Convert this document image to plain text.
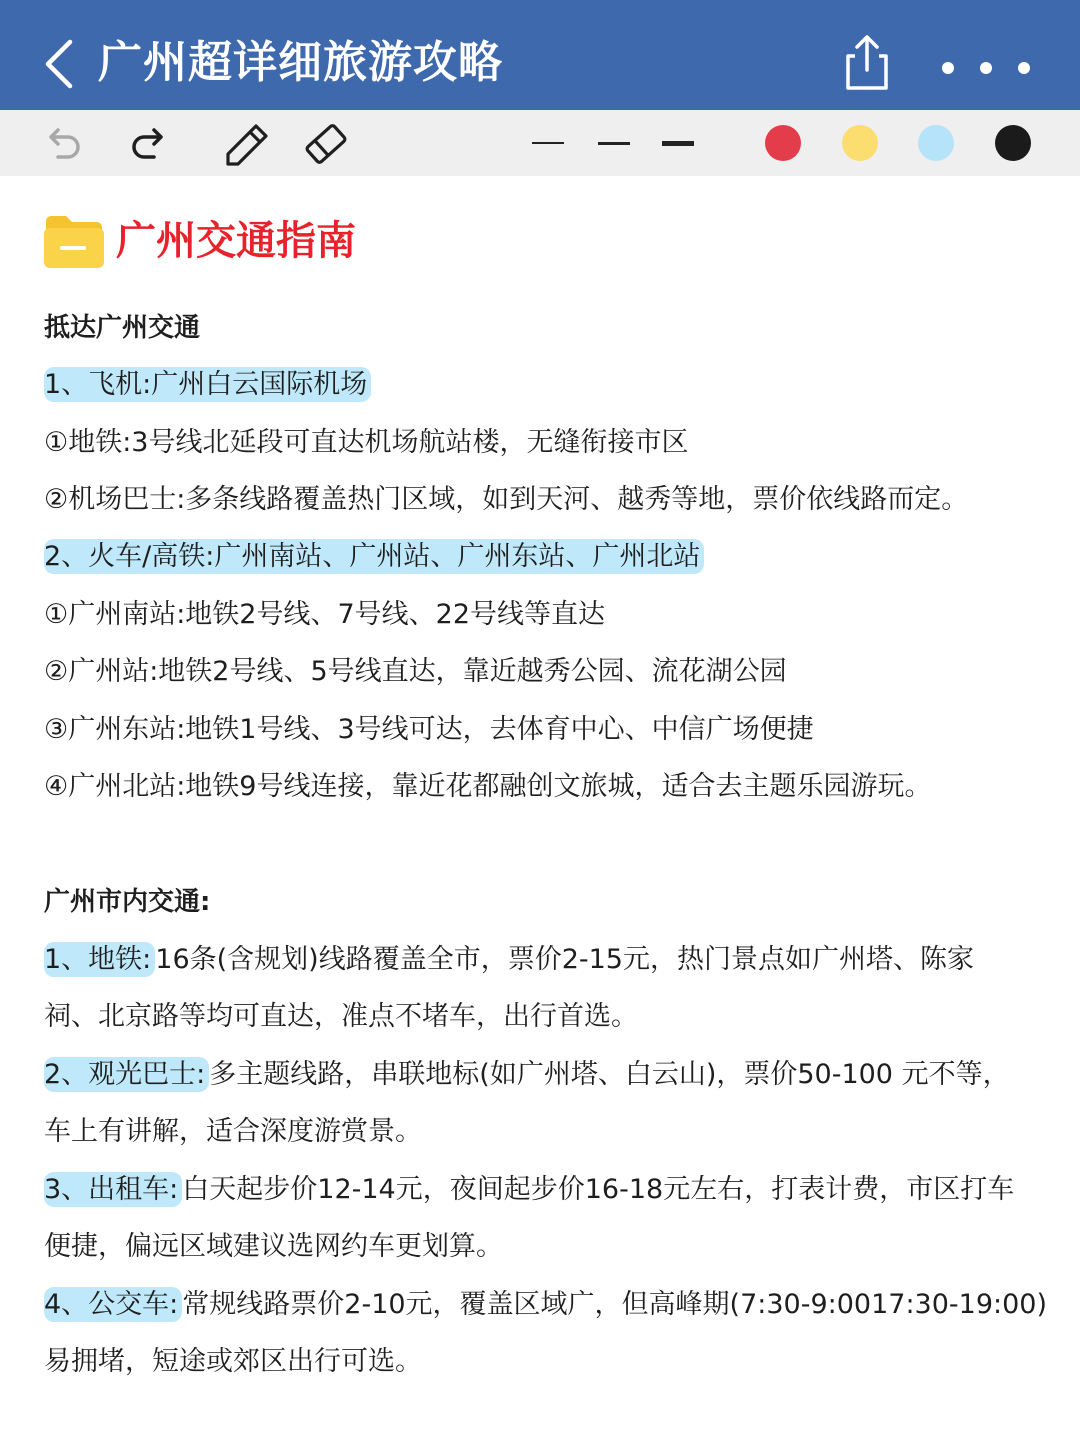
广州超详细旅游攻略
广州交通指南
抵达广州交通
1、飞机:广州白云国际机场
①地铁:3号线北延段可直达机场航站楼，无缝衔接市区
②机场巴士:多条线路覆盖热门区域，如到天河、越秀等地，票价依线路而定。
2、火车/高铁:广州南站、广州站、广州东站、广州北站
①广州南站:地铁2号线、7号线、22号线等直达
②广州站:地铁2号线、5号线直达，靠近越秀公园、流花湖公园
③广州东站:地铁1号线、3号线可达，去体育中心、中信广场便捷
④广州北站:地铁9号线连接，靠近花都融创文旅城，适合去主题乐园游玩。
广州市内交通:
1、地铁: 16条(含规划)线路覆盖全市，票价2-15元，热门景点如广州塔、陈家
祠、北京路等均可直达，准点不堵车，出行首选。
2、观光巴士: 多主题线路，串联地标(如广州塔、白云山)，票价50-100 元不等，
车上有讲解，适合深度游赏景。
3、出租车: 白天起步价12-14元，夜间起步价16-18元左右，打表计费，市区打车
便捷，偏远区域建议选网约车更划算。
4、公交车: 常规线路票价2-10元，覆盖区域广，但高峰期(7:30-9:0017:30-19:00)
易拥堵，短途或郊区出行可选。
